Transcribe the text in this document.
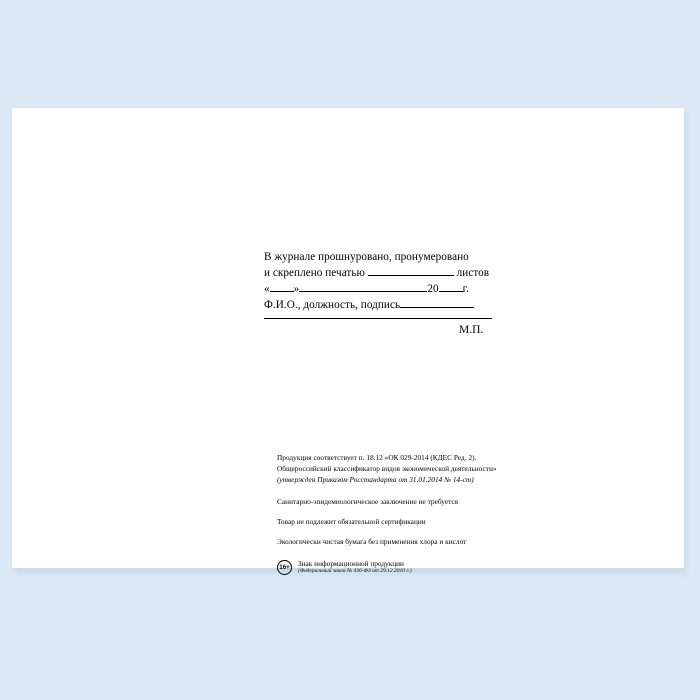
В журнале прошнуровано, пронумеровано
и скреплено печатью	листов
« »	20 г.
Ф.И.О., должность, подпись
М.П.
Продукция соответствует п. 18.12 «ОК 029-2014 (КДЕС Ред. 2).
Общероссийский классификатор видов экономической деятельности»
(утвержден Приказом Росстандарта от 31.01.2014 № 14-ст)
Санитарно-эпидемиологическое заключение не требуется
Товар не подлежит обязательной сертификации
Экологически чистая бумага без применения хлора и кислот
16+	Знак информационной продукции
(Федеральный закон № 436-ФЗ от 29.12.2010 г.)
